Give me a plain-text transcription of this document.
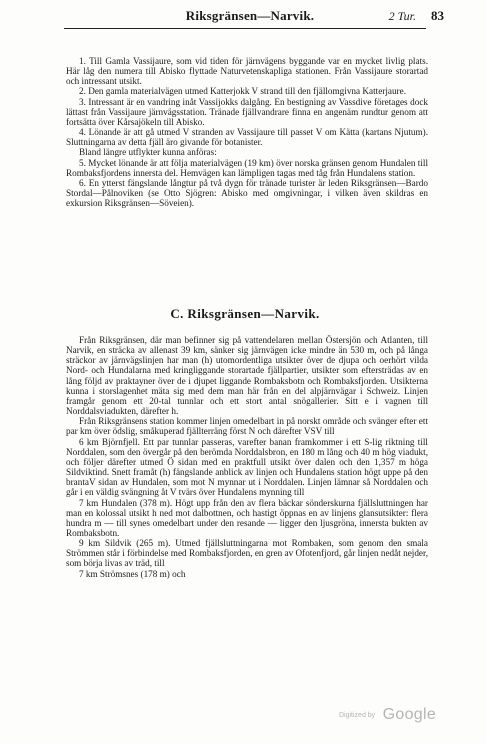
Riksgränsen—Narvik.	2 Tur. 83

1. Till Gamla Vassijaure, som vid tiden för järnvägens byggande var en mycket livlig plats. Här låg den numera till Abisko flyttade Naturvetenskapliga stationen. Från Vassijaure storartad och intressant utsikt.

2. Den gamla materialvägen utmed Katterjokk V strand till den fjällomgivna Katterjaure.

3. Intressant är en vandring inåt Vassijokks dalgång. En bestigning av Vassdive företages dock lättast från Vassijaure järnvägsstation. Tränade fjällvandrare finna en angenäm rundtur genom att fortsätta över Kårsajökeln till Abisko.

4. Lönande är att gå utmed V stranden av Vassijaure till passet V om Kätta (kartans Njutum). Sluttningarna av detta fjäll äro givande för botanister.

Bland längre utflykter kunna anföras:

5. Mycket lönande är att följa materialvägen (19 km) över norska gränsen genom Hundalen till Rombaksfjordens innersta del. Hemvägen kan lämpligen tagas med tåg från Hundalens station.

6. En ytterst fängslande långtur på två dygn för tränade turister är leden Riksgränsen—Bardo Stordal—Pålnoviken (se Otto Sjögren: Abisko med omgivningar, i vilken även skildras en exkursion Riksgränsen—Söveien).

C. Riksgränsen—Narvik.

Från Riksgränsen, där man befinner sig på vattendelaren mellan Östersjön och Atlanten, till Narvik, en sträcka av allenast 39 km, sänker sig järnvägen icke mindre än 530 m, och på långa sträckor av järnvägslinjen har man (h) utomordentliga utsikter över de djupa och oerhört vilda Nord- och Hundalarna med kringliggande storartade fjällpartier, utsikter som eftersträdas av en lång följd av praktayner över de i djupet liggande Rombaksbotn och Rombaksfjorden. Utsikterna kunna i storslagenhet mäta sig med dem man här från en del alpjärnvägar i Schweiz. Linjen framgår genom ett 20-tal tunnlar och ett stort antal snögallerier. Sitt e i vagnen till Norddalsviadukten, därefter h.

Från Riksgränsens station kommer linjen omedelbart in på norskt område och svänger efter ett par km över ödslig, småkuperad fjällterräng först N och därefter VSV till

6 km Björnfjell. Ett par tunnlar passeras, varefter banan framkommer i ett S-lig riktning till Norddalen, som den övergår på den berömda Norddalsbron, en 180 m lång och 40 m hög viadukt, och följer därefter utmed Ö sidan med en praktfull utsikt över dalen och den 1,357 m höga Sildviktind. Snett framåt (h) fängslande anblick av linjen och Hundalens station högt uppe på den brantaV sidan av Hundalen, som mot N mynnar ut i Norddalen. Linjen lämnar så Norddalen och går i en väldig svängning åt V tvärs över Hundalens mynning till

7 km Hundalen (378 m). Högt upp från den av flera bäckar sönderskurna fjällsluttningen har man en kolossal utsikt h ned mot dalbottnen, och hastigt öppnas en av linjens glansutsikter: flera hundra m — till synes omedelbart under den resande — ligger den ljusgröna, innersta bukten av Rombaksbotn.

9 km Sildvik (265 m). Utmed fjällsluttningarna mot Rombaken, som genom den smala Strömmen står i förbindelse med Rombaksfjorden, en gren av Ofotenfjord, går linjen nedåt nejder, som börja livas av träd, till

7 km Strömsnes (178 m) och

Digitized by Google
